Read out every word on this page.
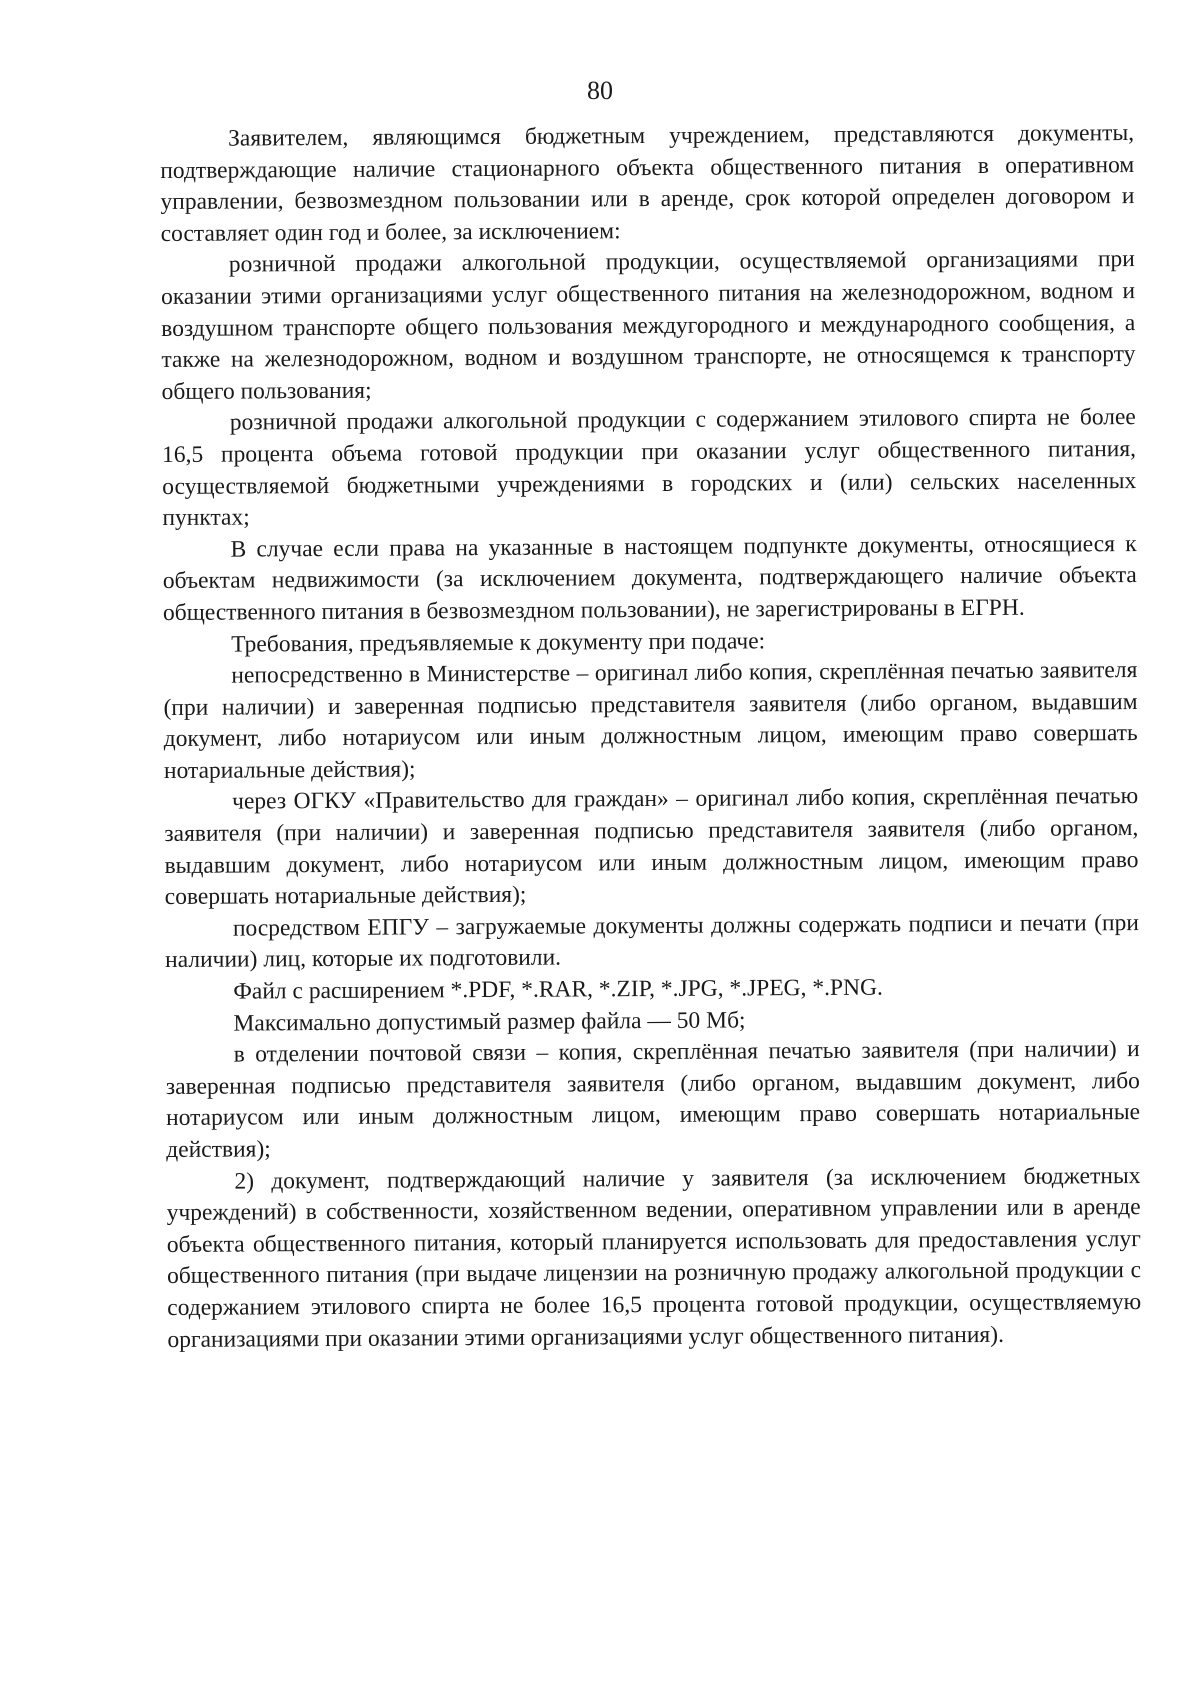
80

Заявителем, являющимся бюджетным учреждением, представляются документы, подтверждающие наличие стационарного объекта общественного питания в оперативном управлении, безвозмездном пользовании или в аренде, срок которой определен договором и составляет один год и более, за исключением:

розничной продажи алкогольной продукции, осуществляемой организациями при оказании этими организациями услуг общественного питания на железнодорожном, водном и воздушном транспорте общего пользования междугородного и международного сообщения, а также на железнодорожном, водном и воздушном транспорте, не относящемся к транспорту общего пользования;

розничной продажи алкогольной продукции с содержанием этилового спирта не более 16,5 процента объема готовой продукции при оказании услуг общественного питания, осуществляемой бюджетными учреждениями в городских и (или) сельских населенных пунктах;

В случае если права на указанные в настоящем подпункте документы, относящиеся к объектам недвижимости (за исключением документа, подтверждающего наличие объекта общественного питания в безвозмездном пользовании), не зарегистрированы в ЕГРН.

Требования, предъявляемые к документу при подаче:

непосредственно в Министерстве – оригинал либо копия, скреплённая печатью заявителя (при наличии) и заверенная подписью представителя заявителя (либо органом, выдавшим документ, либо нотариусом или иным должностным лицом, имеющим право совершать нотариальные действия);

через ОГКУ «Правительство для граждан» – оригинал либо копия, скреплённая печатью заявителя (при наличии) и заверенная подписью представителя заявителя (либо органом, выдавшим документ, либо нотариусом или иным должностным лицом, имеющим право совершать нотариальные действия);

посредством ЕПГУ – загружаемые документы должны содержать подписи и печати (при наличии) лиц, которые их подготовили.

Файл с расширением *.PDF, *.RAR, *.ZIP, *.JPG, *.JPEG, *.PNG.

Максимально допустимый размер файла — 50 Мб;

в отделении почтовой связи – копия, скреплённая печатью заявителя (при наличии) и заверенная подписью представителя заявителя (либо органом, выдавшим документ, либо нотариусом или иным должностным лицом, имеющим право совершать нотариальные действия);

2) документ, подтверждающий наличие у заявителя (за исключением бюджетных учреждений) в собственности, хозяйственном ведении, оперативном управлении или в аренде объекта общественного питания, который планируется использовать для предоставления услуг общественного питания (при выдаче лицензии на розничную продажу алкогольной продукции с содержанием этилового спирта не более 16,5 процента готовой продукции, осуществляемую организациями при оказании этими организациями услуг общественного питания).
